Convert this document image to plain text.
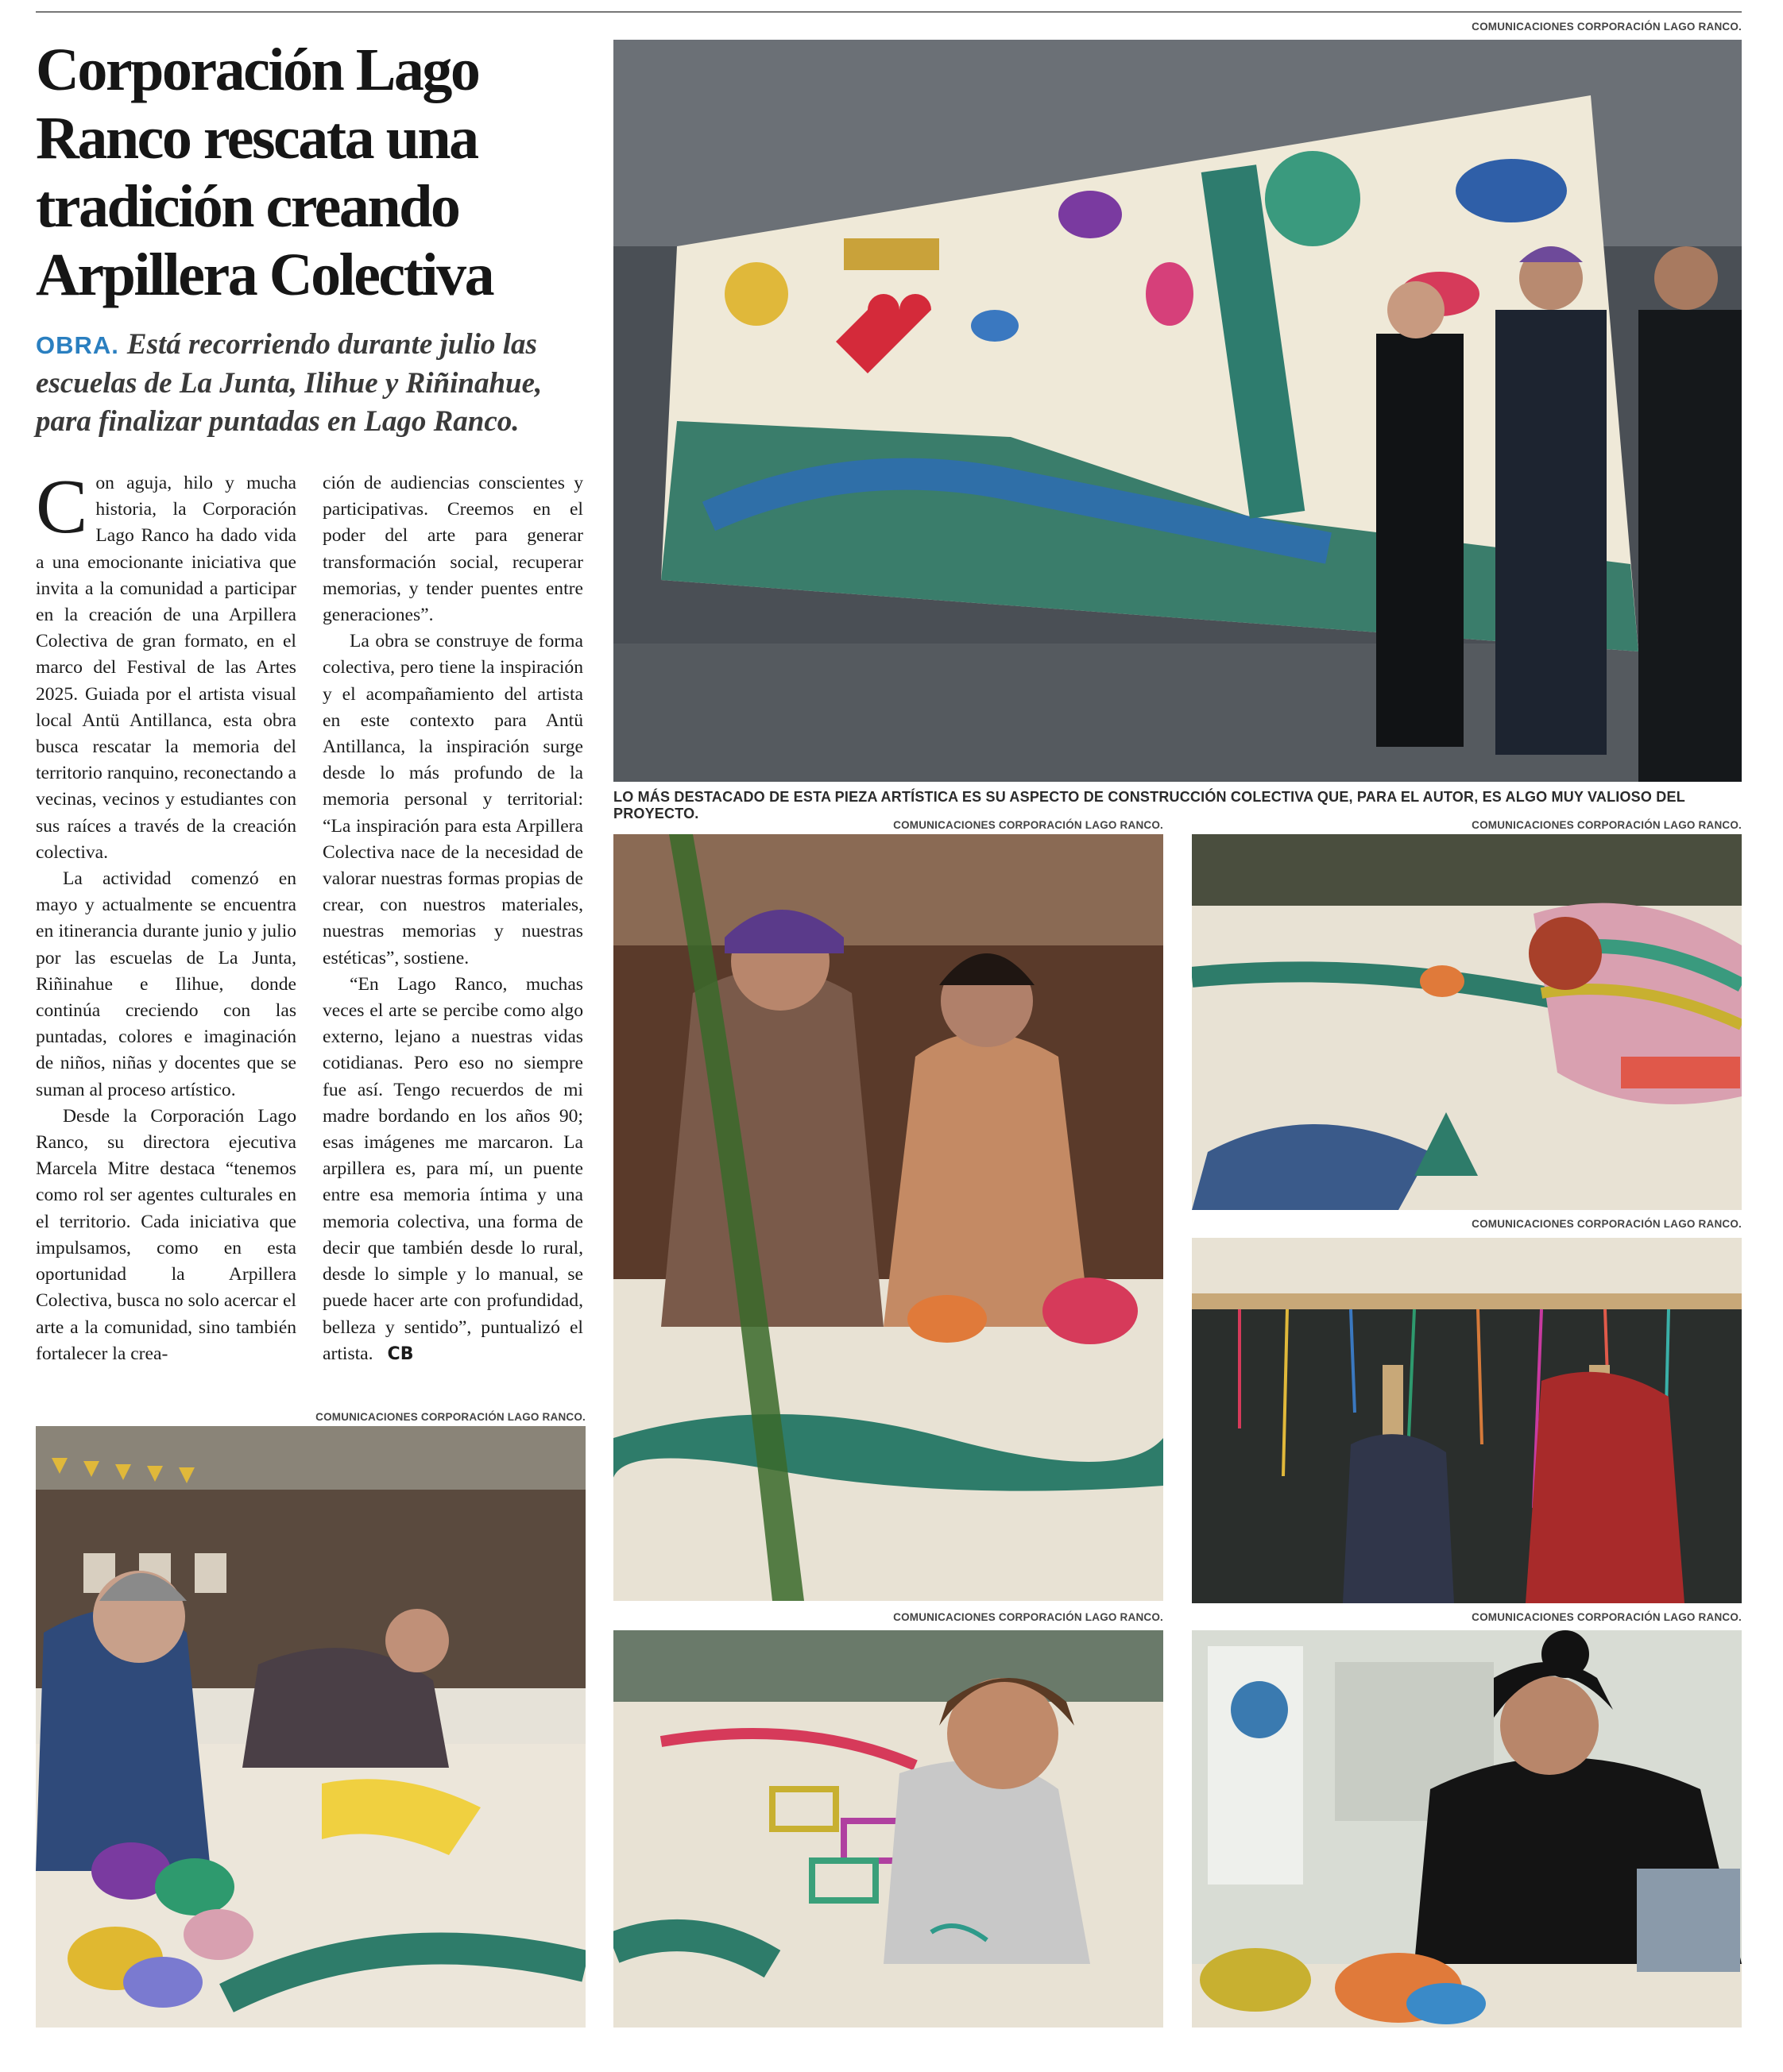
COMUNICACIONES CORPORACIÓN LAGO RANCO.
Corporación Lago Ranco rescata una tradición creando Arpillera Colectiva

OBRA. Está recorriendo durante julio las escuelas de La Junta, Ilihue y Riñinahue, para finalizar puntadas en Lago Ranco.

Con aguja, hilo y mucha historia, la Corporación Lago Ranco ha dado vida a una emocionante iniciativa que invita a la comunidad a participar en la creación de una Arpillera Colectiva de gran formato, en el marco del Festival de las Artes 2025. Guiada por el artista visual local Antü Antillanca, esta obra busca rescatar la memoria del territorio ranquino, reconectando a vecinas, vecinos y estudiantes con sus raíces a través de la creación colectiva.

La actividad comenzó en mayo y actualmente se encuentra en itinerancia durante junio y julio por las escuelas de La Junta, Riñinahue e Ilihue, donde continúa creciendo con las puntadas, colores e imaginación de niños, niñas y docentes que se suman al proceso artístico.

Desde la Corporación Lago Ranco, su directora ejecutiva Marcela Mitre destaca “tenemos como rol ser agentes culturales en el territorio. Cada iniciativa que impulsamos, como en esta oportunidad la Arpillera Colectiva, busca no solo acercar el arte a la comunidad, sino también fortalecer la crea-

ción de audiencias conscientes y participativas. Creemos en el poder del arte para generar transformación social, recuperar memorias, y tender puentes entre generaciones”.

La obra se construye de forma colectiva, pero tiene la inspiración y el acompañamiento del artista en este contexto para Antü Antillanca, la inspiración surge desde lo más profundo de la memoria personal y territorial: “La inspiración para esta Arpillera Colectiva nace de la necesidad de valorar nuestras formas propias de crear, con nuestros materiales, nuestras memorias y nuestras estéticas”, sostiene.

“En Lago Ranco, muchas veces el arte se percibe como algo externo, lejano a nuestras vidas cotidianas. Pero eso no siempre fue así. Tengo recuerdos de mi madre bordando en los años 90; esas imágenes me marcaron. La arpillera es, para mí, un puente entre esa memoria íntima y una memoria colectiva, una forma de decir que también desde lo rural, desde lo simple y lo manual, se puede hacer arte con profundidad, belleza y sentido”, puntualizó el artista. CB

LO MÁS DESTACADO DE ESTA PIEZA ARTÍSTICA ES SU ASPECTO DE CONSTRUCCIÓN COLECTIVA QUE, PARA EL AUTOR, ES ALGO MUY VALIOSO DEL PROYECTO.

COMUNICACIONES CORPORACIÓN LAGO RANCO.	COMUNICACIONES CORPORACIÓN LAGO RANCO.
COMUNICACIONES CORPORACIÓN LAGO RANCO.
COMUNICACIONES CORPORACIÓN LAGO RANCO.	COMUNICACIONES CORPORACIÓN LAGO RANCO.
COMUNICACIONES CORPORACIÓN LAGO RANCO.
